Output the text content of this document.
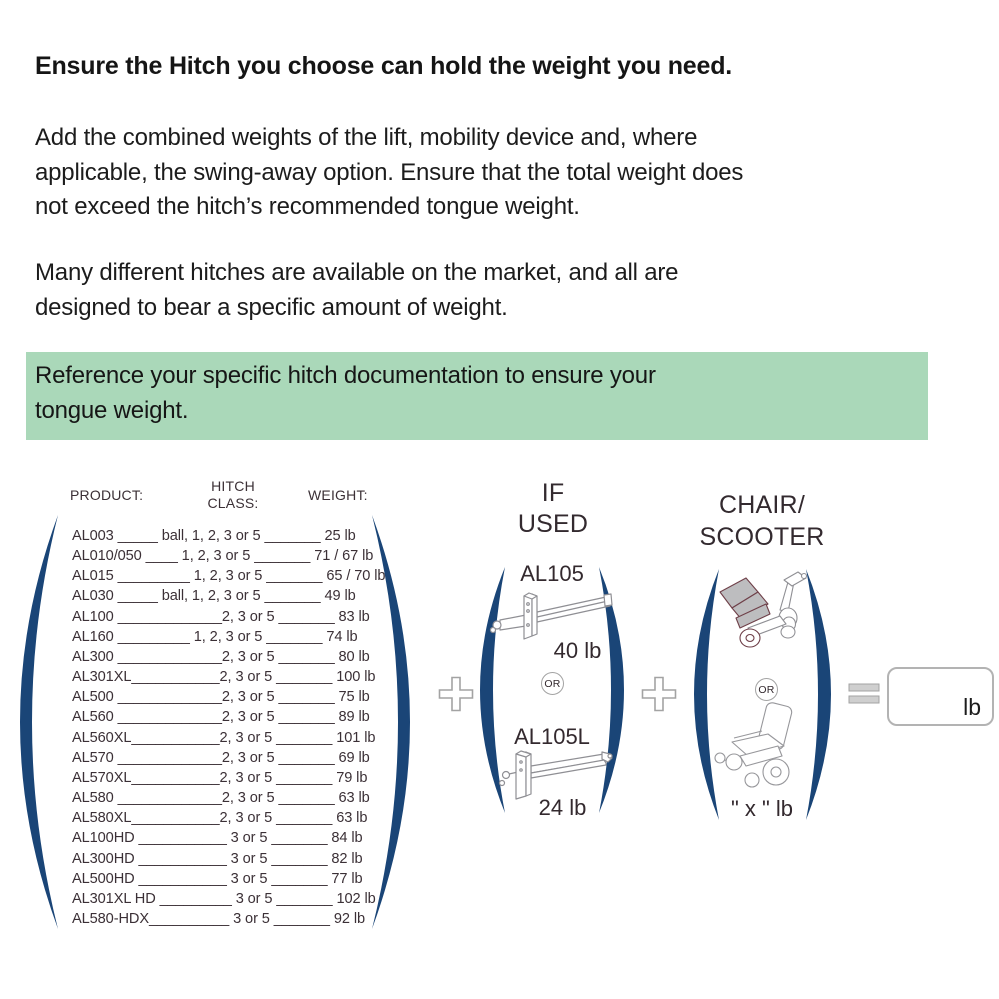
Ensure the Hitch you choose can hold the weight you need.
Add the combined weights of the lift, mobility device and, where
applicable, the swing-away option. Ensure that the total weight does
not exceed the hitch’s recommended tongue weight.
Many different hitches are available on the market, and all are
designed to bear a specific amount of weight.
Reference your specific hitch documentation to ensure your
tongue weight.
PRODUCT:
HITCH
CLASS:	WEIGHT:
AL003 _____ ball, 1, 2, 3 or 5 _______ 25 lb
AL010/050 ____ 1, 2, 3 or 5 _______ 71 / 67 lb
AL015 _________ 1, 2, 3 or 5 _______ 65 / 70 lb
AL030 _____ ball, 1, 2, 3 or 5 _______ 49 lb
AL100 _____________2, 3 or 5 _______ 83 lb
AL160 _________ 1, 2, 3 or 5 _______ 74 lb
AL300 _____________2, 3 or 5 _______ 80 lb
AL301XL___________2, 3 or 5 _______ 100 lb
AL500 _____________2, 3 or 5 _______ 75 lb
AL560 _____________2, 3 or 5 _______ 89 lb
AL560XL___________2, 3 or 5 _______ 101 lb
AL570 _____________2, 3 or 5 _______ 69 lb
AL570XL___________2, 3 or 5 _______ 79 lb
AL580 _____________2, 3 or 5 _______ 63 lb
AL580XL___________2, 3 or 5 _______ 63 lb
AL100HD ___________ 3 or 5 _______ 84 lb
AL300HD ___________ 3 or 5 _______ 82 lb
AL500HD ___________ 3 or 5 _______ 77 lb
AL301XL HD _________ 3 or 5 _______ 102 lb
AL580-HDX__________ 3 or 5 _______ 92 lb
IF
USED
AL105
40 lb
OR
AL105L
24 lb
CHAIR/
SCOOTER
OR
" x " lb
lb
